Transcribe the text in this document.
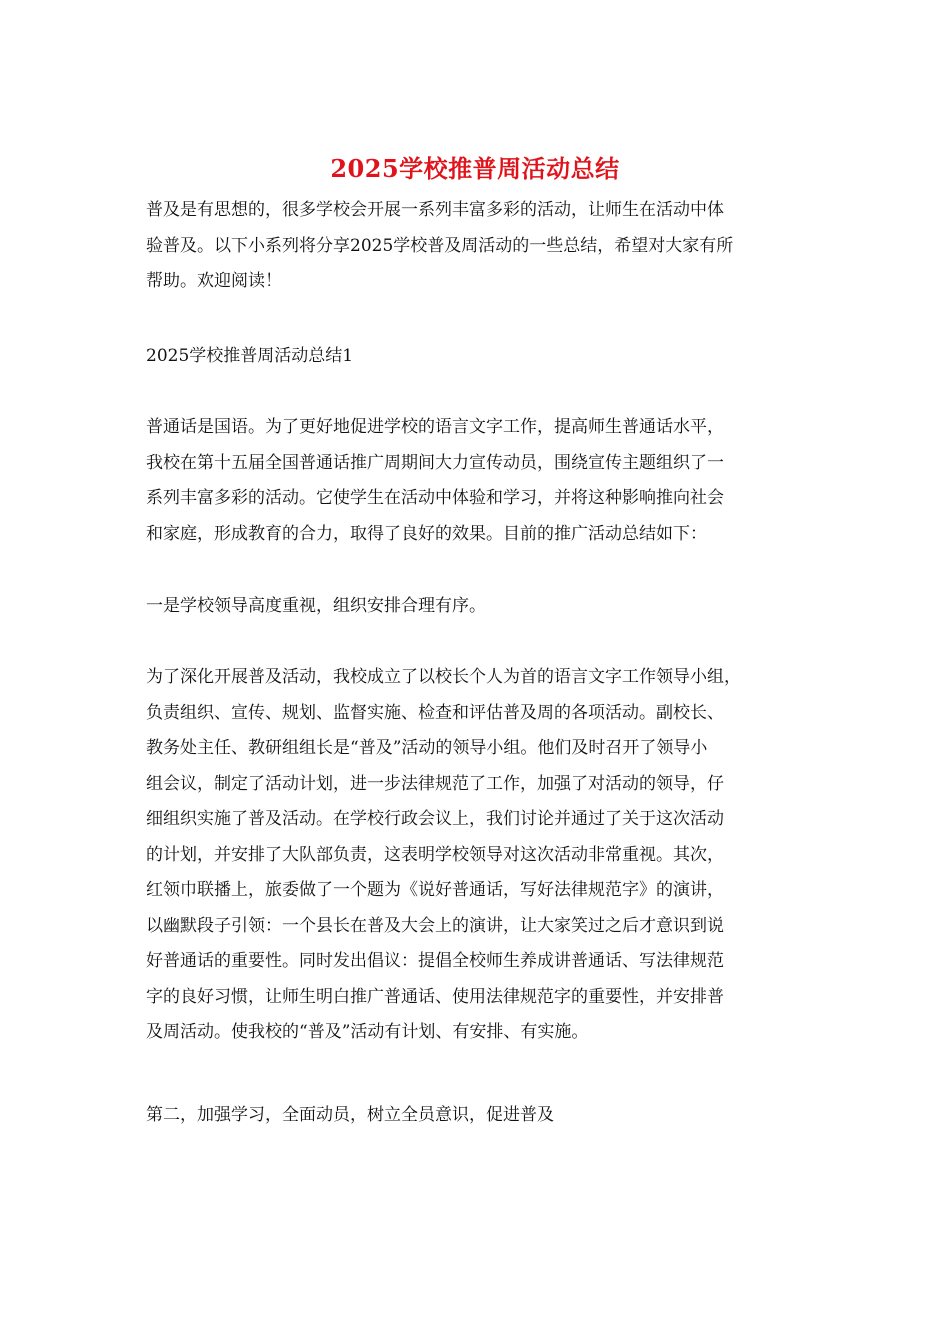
2025学校推普周活动总结
普及是有思想的，很多学校会开展一系列丰富多彩的活动，让师生在活动中体
验普及。以下小系列将分享2025学校普及周活动的一些总结，希望对大家有所
帮助。欢迎阅读！
2025学校推普周活动总结1
普通话是国语。为了更好地促进学校的语言文字工作，提高师生普通话水平，
我校在第十五届全国普通话推广周期间大力宣传动员，围绕宣传主题组织了一
系列丰富多彩的活动。它使学生在活动中体验和学习，并将这种影响推向社会
和家庭，形成教育的合力，取得了良好的效果。目前的推广活动总结如下：
一是学校领导高度重视，组织安排合理有序。
为了深化开展普及活动，我校成立了以校长个人为首的语言文字工作领导小组，
负责组织、宣传、规划、监督实施、检查和评估普及周的各项活动。副校长、
教务处主任、教研组组长是“普及”活动的领导小组。他们及时召开了领导小
组会议，制定了活动计划，进一步法律规范了工作，加强了对活动的领导，仔
细组织实施了普及活动。在学校行政会议上，我们讨论并通过了关于这次活动
的计划，并安排了大队部负责，这表明学校领导对这次活动非常重视。其次，
红领巾联播上，旅委做了一个题为《说好普通话，写好法律规范字》的演讲，
以幽默段子引领：一个县长在普及大会上的演讲，让大家笑过之后才意识到说
好普通话的重要性。同时发出倡议：提倡全校师生养成讲普通话、写法律规范
字的良好习惯，让师生明白推广普通话、使用法律规范字的重要性，并安排普
及周活动。使我校的“普及”活动有计划、有安排、有实施。
第二，加强学习，全面动员，树立全员意识，促进普及
